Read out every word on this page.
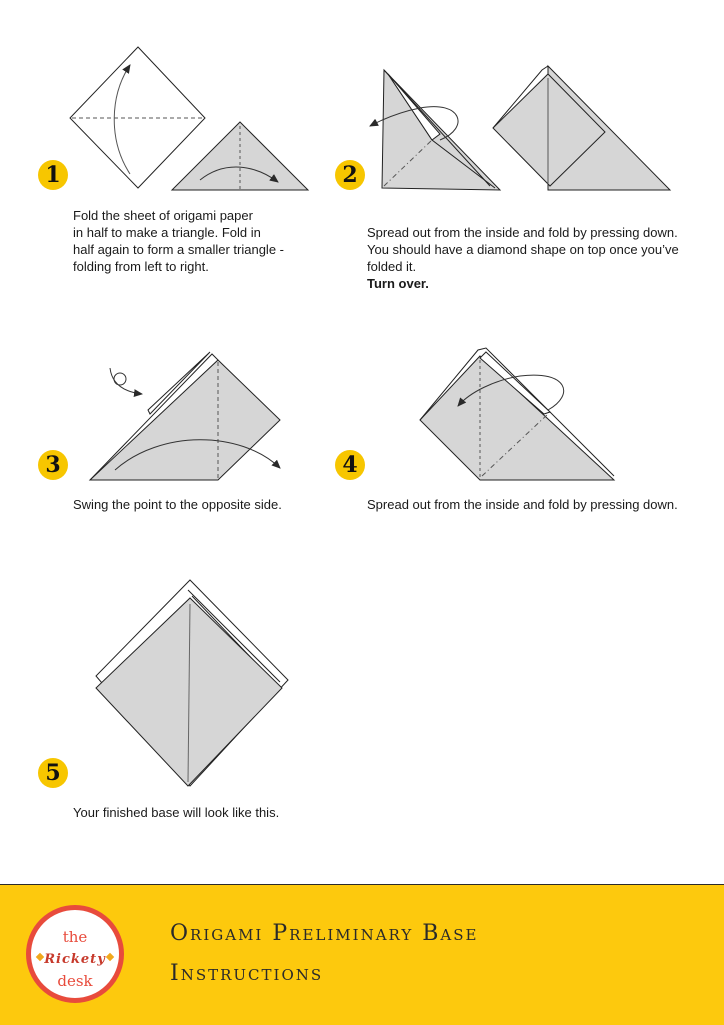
1	2
3	4
5
Fold the sheet of origami paper
in half to make a triangle. Fold in
half again to form a smaller triangle -
folding from left to right.

Spread out from the inside and fold by pressing down.
You should have a diamond shape on top once you’ve
folded it.

Turn over.

Swing the point to the opposite side.	Spread out from the inside and fold by pressing down.
Your finished base will look like this.
the
Rickety
desk
Origami Preliminary Base
Instructions
